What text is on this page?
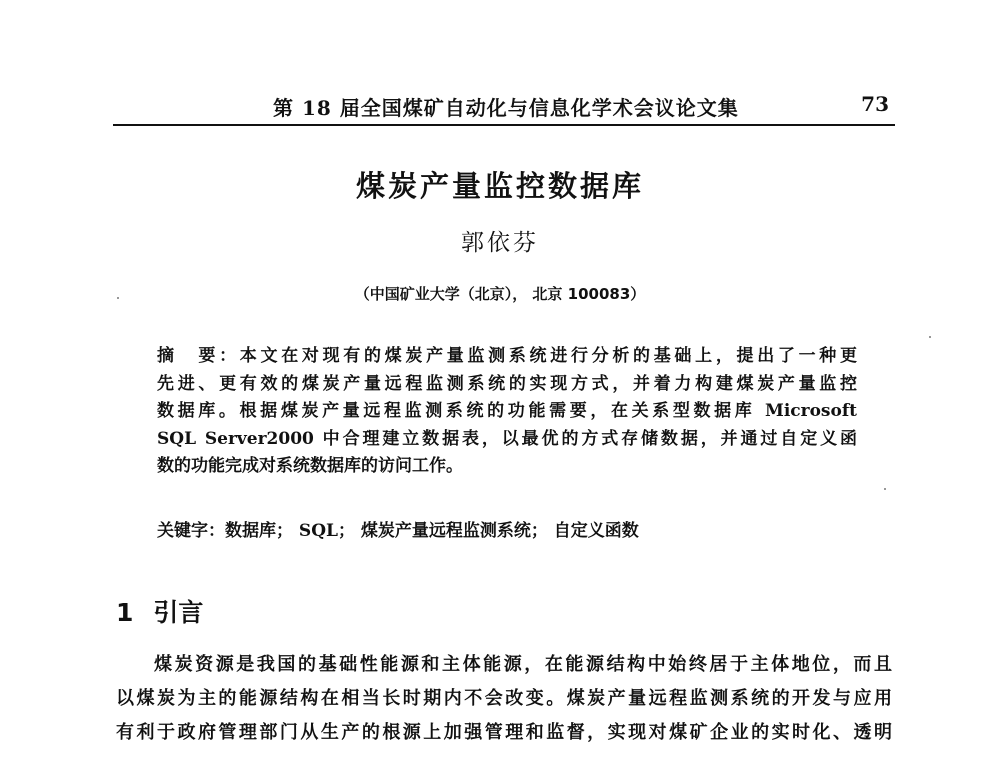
第 18 届全国煤矿自动化与信息化学术会议论文集	73
煤炭产量监控数据库
郭依芬
（中国矿业大学（北京）， 北京 100083）
摘　要：本文在对现有的煤炭产量监测系统进行分析的基础上，提出了一种更
先进、更有效的煤炭产量远程监测系统的实现方式，并着力构建煤炭产量监控
数据库。根据煤炭产量远程监测系统的功能需要，在关系型数据库 Microsoft
SQL Server2000 中合理建立数据表，以最优的方式存储数据，并通过自定义函
数的功能完成对系统数据库的访问工作。
关键字：数据库； SQL； 煤炭产量远程监测系统； 自定义函数
1 引言
煤炭资源是我国的基础性能源和主体能源，在能源结构中始终居于主体地位，而且
以煤炭为主的能源结构在相当长时期内不会改变。煤炭产量远程监测系统的开发与应用
有利于政府管理部门从生产的根源上加强管理和监督，实现对煤矿企业的实时化、透明
